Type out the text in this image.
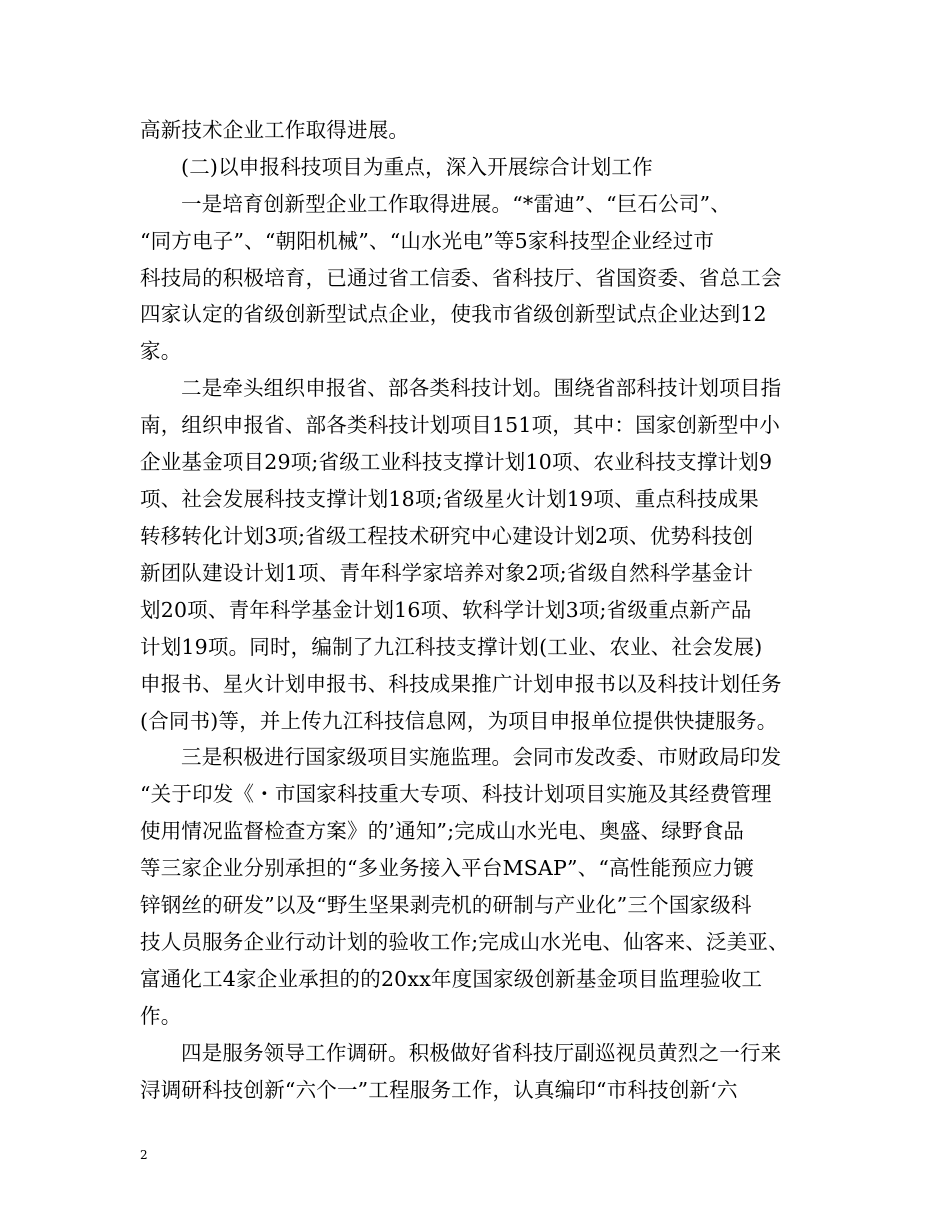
高新技术企业工作取得进展。
(二)以申报科技项目为重点，深入开展综合计划工作
一是培育创新型企业工作取得进展。“*雷迪”、“巨石公司”、
“同方电子”、“朝阳机械”、“山水光电”等5家科技型企业经过市
科技局的积极培育，已通过省工信委、省科技厅、省国资委、省总工会
四家认定的省级创新型试点企业，使我市省级创新型试点企业达到12
家。
二是牵头组织申报省、部各类科技计划。围绕省部科技计划项目指
南，组织申报省、部各类科技计划项目151项，其中：国家创新型中小
企业基金项目29项;省级工业科技支撑计划10项、农业科技支撑计划9
项、社会发展科技支撑计划18项;省级星火计划19项、重点科技成果
转移转化计划3项;省级工程技术研究中心建设计划2项、优势科技创
新团队建设计划1项、青年科学家培养对象2项;省级自然科学基金计
划20项、青年科学基金计划16项、软科学计划3项;省级重点新产品
计划19项。同时，编制了九江科技支撑计划(工业、农业、社会发展)
申报书、星火计划申报书、科技成果推广计划申报书以及科技计划任务
(合同书)等，并上传九江科技信息网，为项目申报单位提供快捷服务。
三是积极进行国家级项目实施监理。会同市发改委、市财政局印发
“关于印发《・市国家科技重大专项、科技计划项目实施及其经费管理
使用情况监督检查方案》的’通知”;完成山水光电、奥盛、绿野食品
等三家企业分别承担的“多业务接入平台MSAP”、“高性能预应力镀
锌钢丝的研发”以及“野生坚果剥壳机的研制与产业化”三个国家级科
技人员服务企业行动计划的验收工作;完成山水光电、仙客来、泛美亚、
富通化工4家企业承担的的20xx年度国家级创新基金项目监理验收工
作。
四是服务领导工作调研。积极做好省科技厅副巡视员黄烈之一行来
浔调研科技创新“六个一”工程服务工作，认真编印“市科技创新‘六
2
